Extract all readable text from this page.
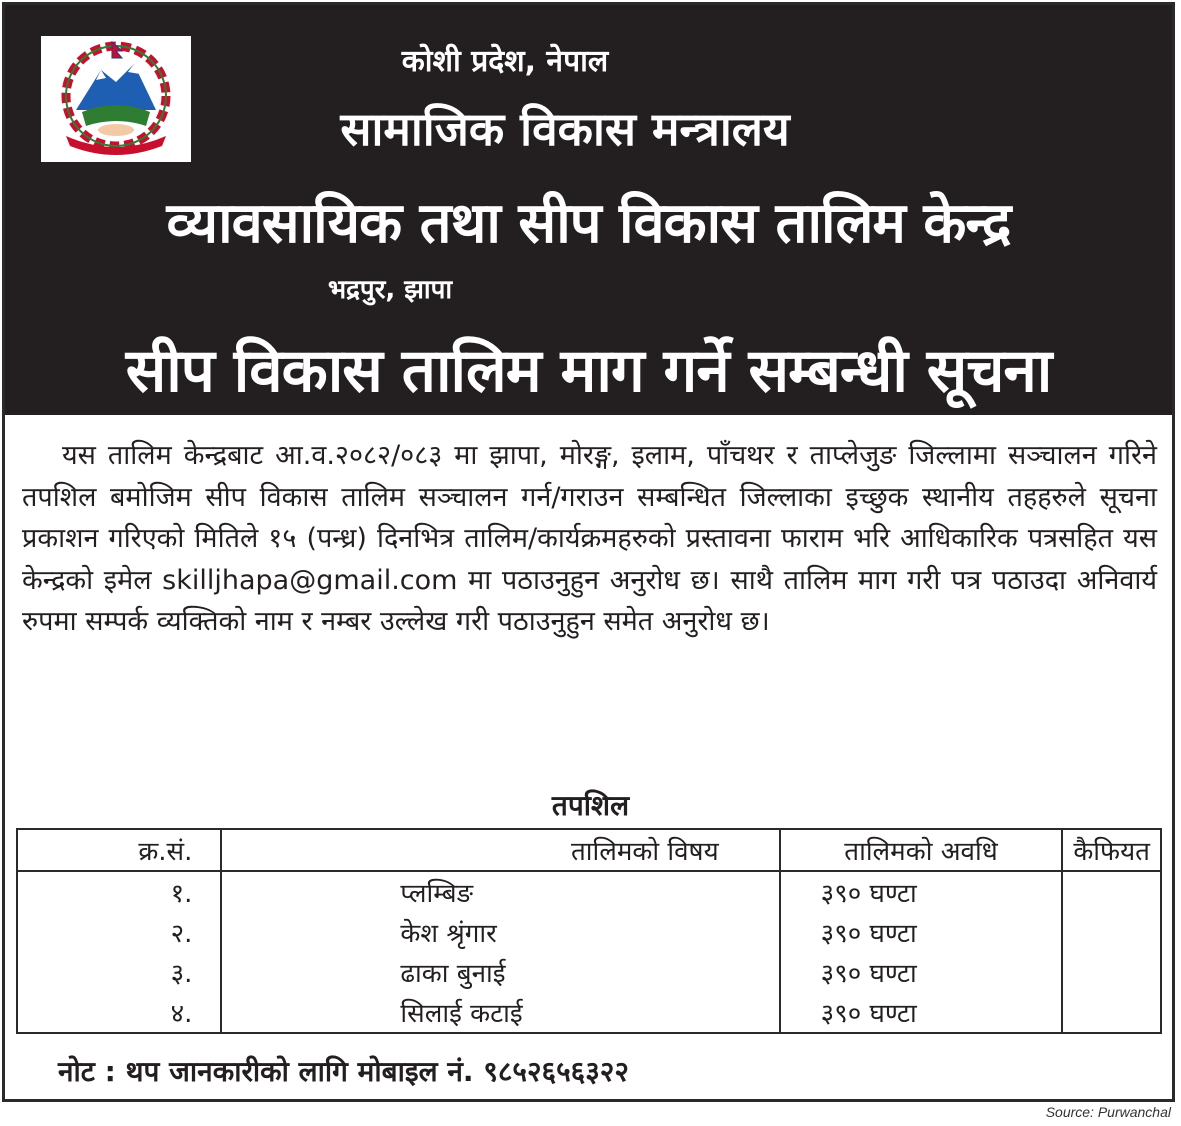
कोशी प्रदेश, नेपाल
सामाजिक विकास मन्त्रालय
व्यावसायिक तथा सीप विकास तालिम केन्द्र
भद्रपुर, झापा
सीप विकास तालिम माग गर्ने सम्बन्धी सूचना
यस तालिम केन्द्रबाट आ.व.२०८२/०८३ मा झापा, मोरङ्ग, इलाम, पाँचथर र ताप्लेजुङ जिल्लामा सञ्चालन गरिने तपशिल बमोजिम सीप विकास तालिम सञ्चालन गर्न/गराउन सम्बन्धित जिल्लाका इच्छुक स्थानीय तहहरुले सूचना प्रकाशन गरिएको मितिले १५ (पन्ध्र) दिनभित्र तालिम/कार्यक्रमहरुको प्रस्तावना फाराम भरि आधिकारिक पत्रसहित यस केन्द्रको इमेल skilljhapa@gmail.com मा पठाउनुहुन अनुरोध छ। साथै तालिम माग गरी पत्र पठाउदा अनिवार्य रुपमा सम्पर्क व्यक्तिको नाम र नम्बर उल्लेख गरी पठाउनुहुन समेत अनुरोध छ।
तपशिल
क्र.सं.	तालिमको विषय	तालिमको अवधि	कैफियत
१.	प्लम्बिङ	३९० घण्टा	
२.	केश श्रृंगार	३९० घण्टा	
३.	ढाका बुनाई	३९० घण्टा	
४.	सिलाई कटाई	३९० घण्टा	
नोट : थप जानकारीको लागि मोबाइल नं. ९८५२६५६३२२
Source: Purwanchal
